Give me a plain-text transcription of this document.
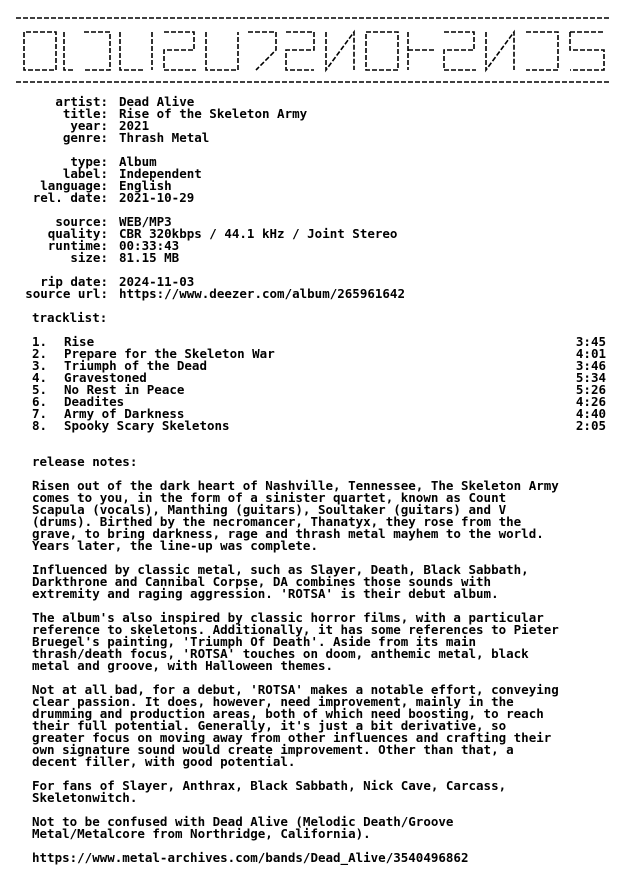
artist: Dead Alive
title: Rise of the Skeleton Army
year: 2021
genre: Thrash Metal
type: Album
label: Independent
language: English
rel. date: 2021-10-29
source: WEB/MP3
quality: CBR 320kbps / 44.1 kHz / Joint Stereo
runtime: 00:33:43
size: 81.15 MB
rip date: 2024-11-03
source url: https://www.deezer.com/album/265961642
tracklist:
1.	Rise	3:45
2.	Prepare for the Skeleton War	4:01
3.	Triumph of the Dead	3:46
4.	Gravestoned	5:34
5.	No Rest in Peace	5:26
6.	Deadites	4:26
7.	Army of Darkness	4:40
8.	Spooky Scary Skeletons	2:05
release notes:

Risen out of the dark heart of Nashville, Tennessee, The Skeleton Army
comes to you, in the form of a sinister quartet, known as Count
Scapula (vocals), Manthing (guitars), Soultaker (guitars) and V
(drums). Birthed by the necromancer, Thanatyx, they rose from the
grave, to bring darkness, rage and thrash metal mayhem to the world.
Years later, the line-up was complete.

Influenced by classic metal, such as Slayer, Death, Black Sabbath,
Darkthrone and Cannibal Corpse, DA combines those sounds with
extremity and raging aggression. 'ROTSA' is their debut album.

The album's also inspired by classic horror films, with a particular
reference to skeletons. Additionally, it has some references to Pieter
Bruegel's painting, 'Triumph Of Death'. Aside from its main
thrash/death focus, 'ROTSA' touches on doom, anthemic metal, black
metal and groove, with Halloween themes.

Not at all bad, for a debut, 'ROTSA' makes a notable effort, conveying
clear passion. It does, however, need improvement, mainly in the
drumming and production areas, both of which need boosting, to reach
their full potential. Generally, it's just a bit derivative, so
greater focus on moving away from other influences and crafting their
own signature sound would create improvement. Other than that, a
decent filler, with good potential.

For fans of Slayer, Anthrax, Black Sabbath, Nick Cave, Carcass,
Skeletonwitch.

Not to be confused with Dead Alive (Melodic Death/Groove
Metal/Metalcore from Northridge, California).

https://www.metal-archives.com/bands/Dead_Alive/3540496862
